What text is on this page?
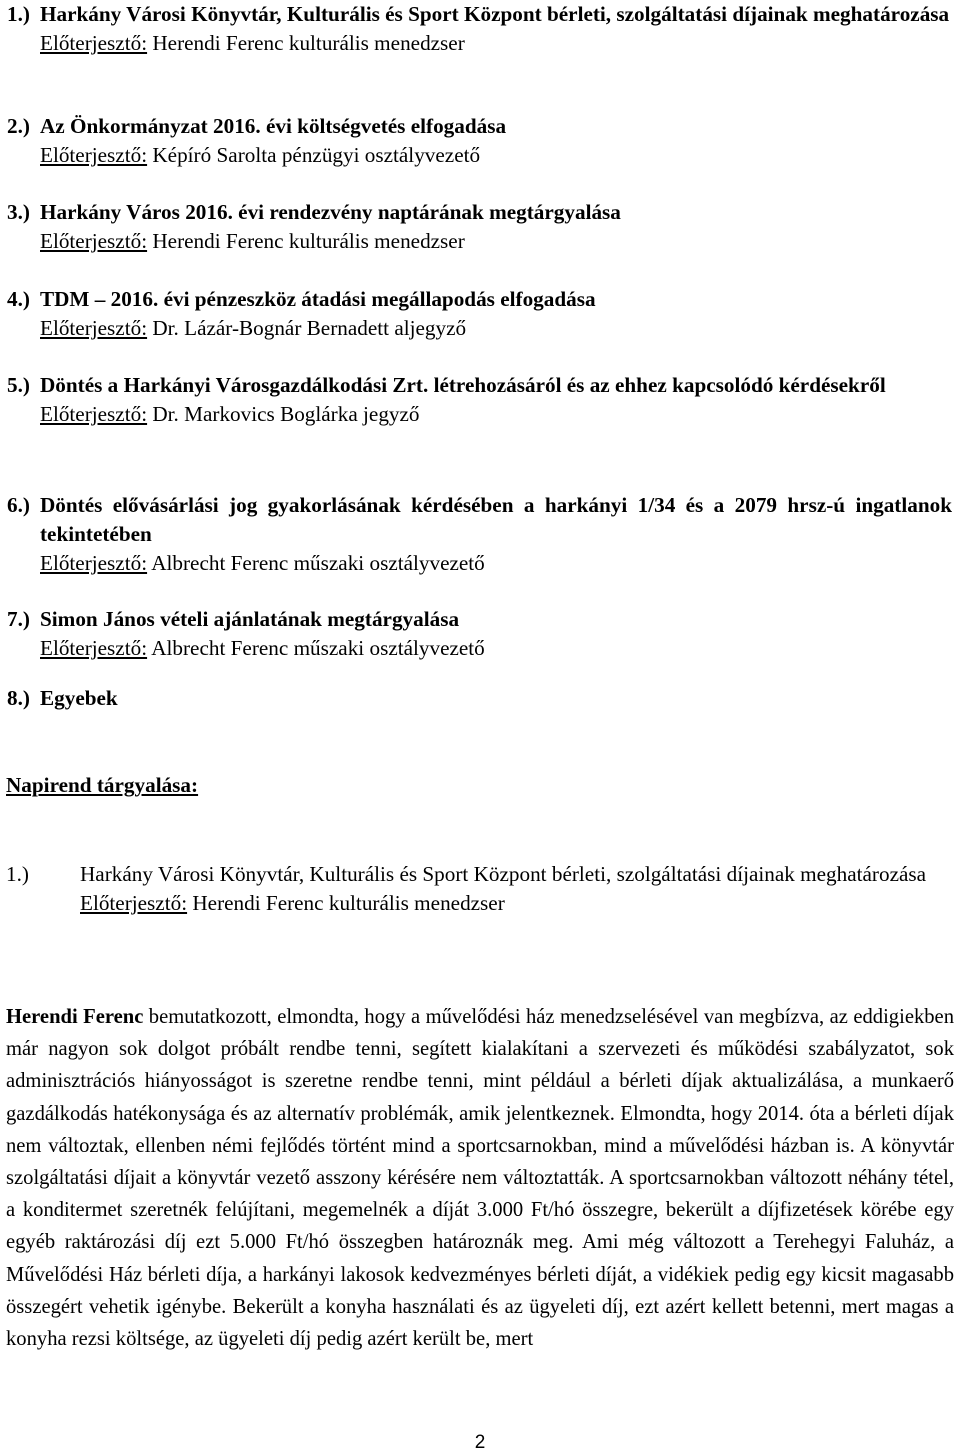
1.) Harkány Városi Könyvtár, Kulturális és Sport Központ bérleti, szolgáltatási díjainak meghatározása
Előterjesztő: Herendi Ferenc kulturális menedzser
2.) Az Önkormányzat 2016. évi költségvetés elfogadása
Előterjesztő: Képíró Sarolta pénzügyi osztályvezető
3.) Harkány Város 2016. évi rendezvény naptárának megtárgyalása
Előterjesztő: Herendi Ferenc kulturális menedzser
4.) TDM – 2016. évi pénzeszköz átadási megállapodás elfogadása
Előterjesztő: Dr. Lázár-Bognár Bernadett aljegyző
5.) Döntés a Harkányi Városgazdálkodási Zrt. létrehozásáról és az ehhez kapcsolódó kérdésekről
Előterjesztő: Dr. Markovics Boglárka jegyző
6.) Döntés elővásárlási jog gyakorlásának kérdésében a harkányi 1/34 és a 2079 hrsz-ú ingatlanok tekintetében
Előterjesztő: Albrecht Ferenc műszaki osztályvezető
7.) Simon János vételi ajánlatának megtárgyalása
Előterjesztő: Albrecht Ferenc műszaki osztályvezető
8.) Egyebek
Napirend tárgyalása:
1.) Harkány Városi Könyvtár, Kulturális és Sport Központ bérleti, szolgáltatási díjainak meghatározása
Előterjesztő: Herendi Ferenc kulturális menedzser
Herendi Ferenc bemutatkozott, elmondta, hogy a művelődési ház menedzselésével van megbízva, az eddigiekben már nagyon sok dolgot próbált rendbe tenni, segített kialakítani a szervezeti és működési szabályzatot, sok adminisztrációs hiányosságot is szeretne rendbe tenni, mint például a bérleti díjak aktualizálása, a munkaerő gazdálkodás hatékonysága és az alternatív problémák, amik jelentkeznek. Elmondta, hogy 2014. óta a bérleti díjak nem változtak, ellenben némi fejlődés történt mind a sportcsarnokban, mind a művelődési házban is. A könyvtár szolgáltatási díjait a könyvtár vezető asszony kérésére nem változtatták. A sportcsarnokban változott néhány tétel, a konditermet szeretnék felújítani, megemelnék a díját 3.000 Ft/hó összegre, bekerült a díjfizetések körébe egy egyéb raktározási díj ezt 5.000 Ft/hó összegben határoznák meg. Ami még változott a Terehegyi Faluház, a Művelődési Ház bérleti díja, a harkányi lakosok kedvezményes bérleti díját, a vidékiek pedig egy kicsit magasabb összegért vehetik igénybe. Bekerült a konyha használati és az ügyeleti díj, ezt azért kellett betenni, mert magas a konyha rezsi költsége, az ügyeleti díj pedig azért került be, mert
2
